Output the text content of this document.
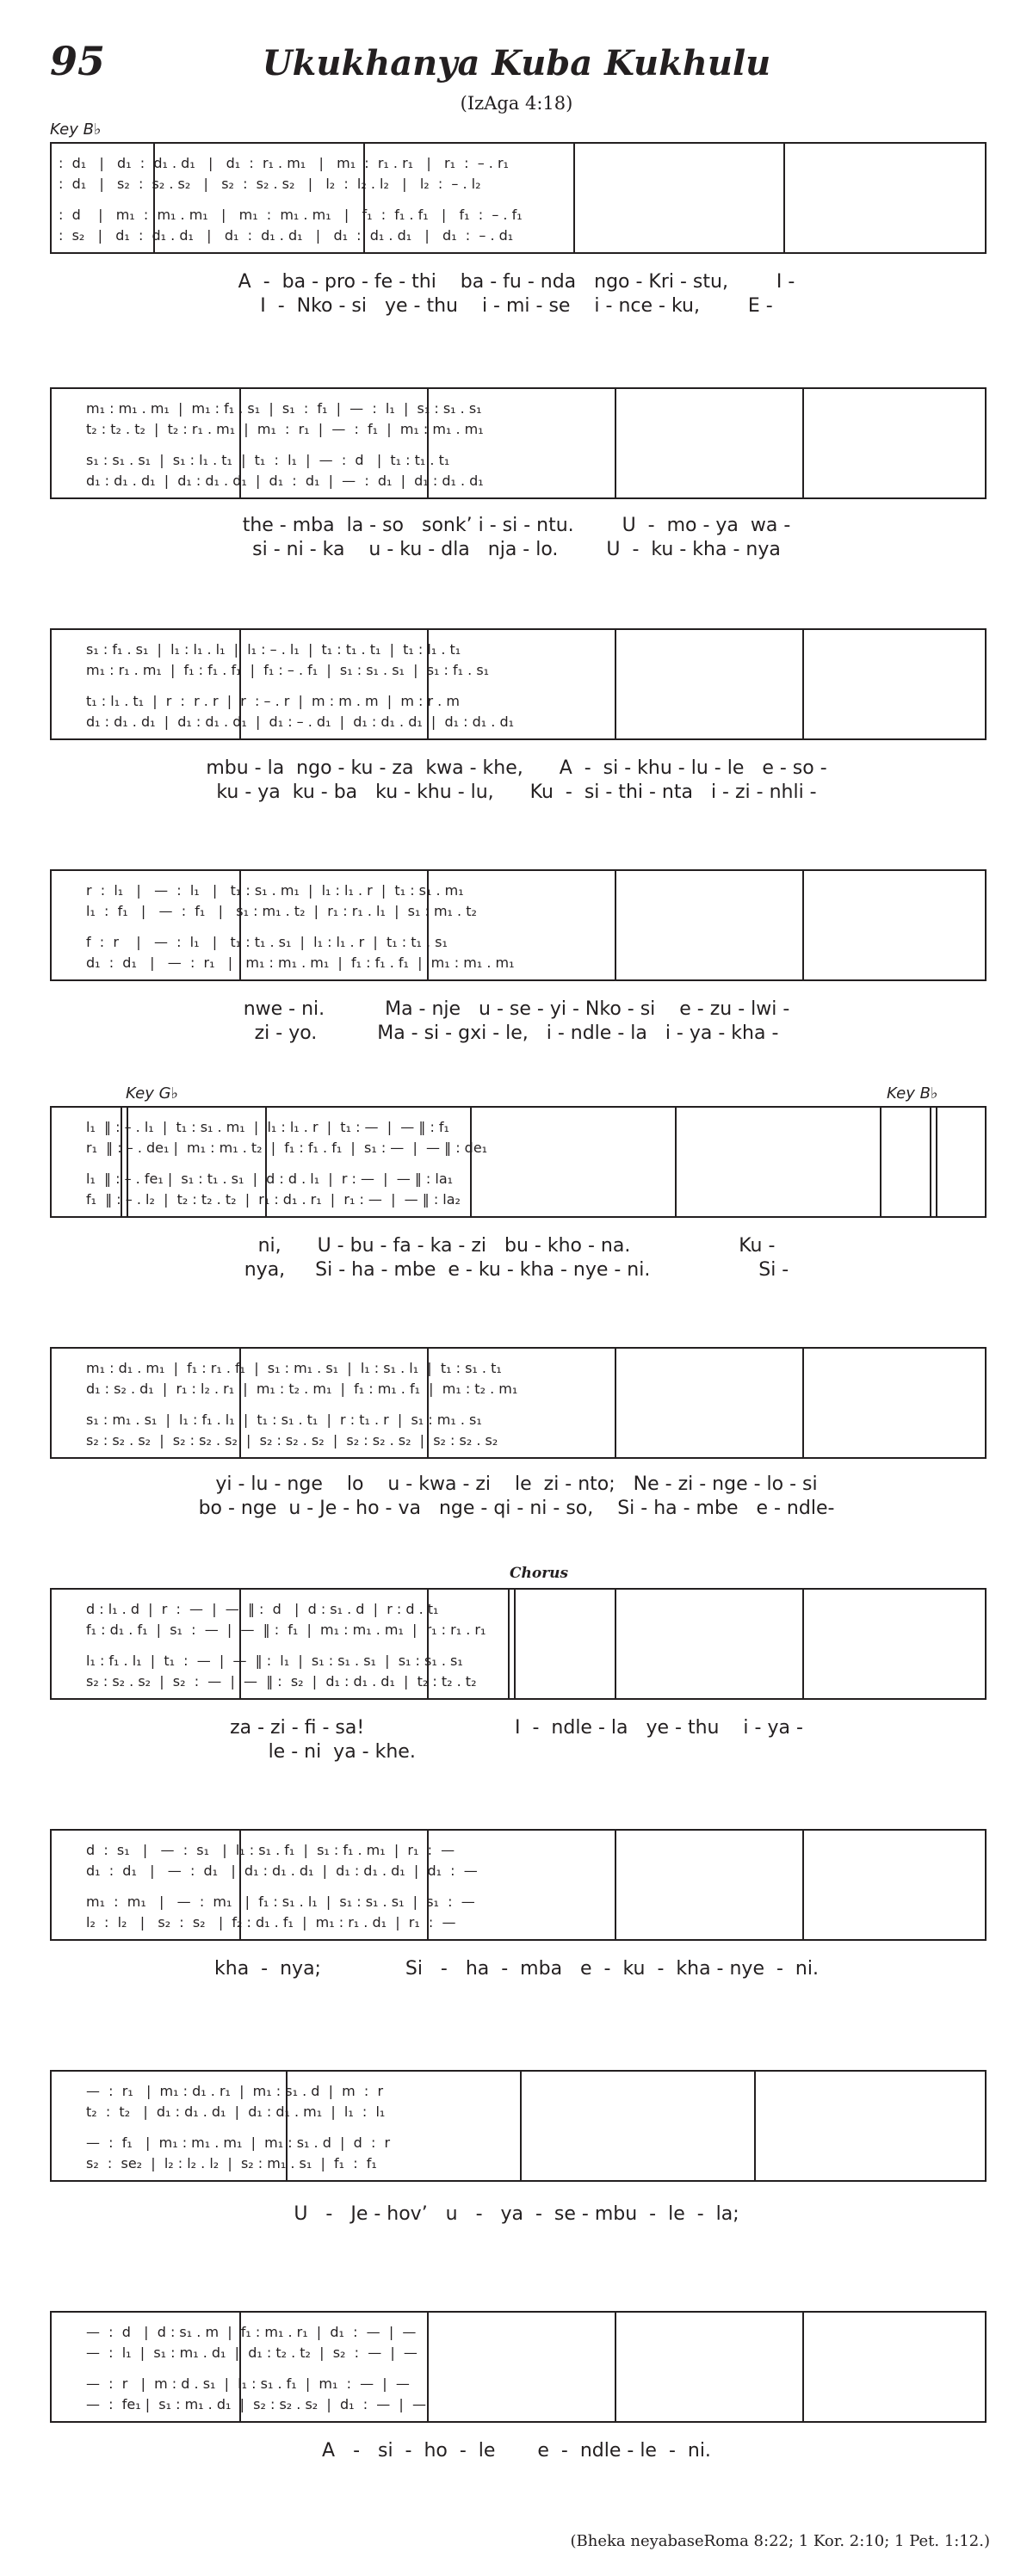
95	Ukukhanya Kuba Kukhulu
(IzAga 4:18)
Key B♭
Key G♭	Key B♭
Chorus
:  d₁   |   d₁  :  d₁ . d₁   |   d₁  :  r₁ . m₁   |   m₁  :  r₁ . r₁   |   r₁  :  – . r₁
:  d₁   |   s₂  :  s₂ . s₂   |   s₂  :  s₂ . s₂   |   l₂  :  l₂ . l₂   |   l₂  :  – . l₂
:  d    |   m₁  :  m₁ . m₁   |   m₁  :  m₁ . m₁   |   f₁  :  f₁ . f₁   |   f₁  :  – . f₁
:  s₂   |   d₁  :  d₁ . d₁   |   d₁  :  d₁ . d₁   |   d₁  :  d₁ . d₁   |   d₁  :  – . d₁
A  -  ba - pro - fe - thi    ba - fu - nda   ngo - Kri - stu,        I -
I  -  Nko - si   ye - thu    i - mi - se    i - nce - ku,        E -
m₁ : m₁ . m₁  |  m₁ : f₁ . s₁  |  s₁  :  f₁  |  —  :  l₁  |  s₁ : s₁ . s₁
t₂ : t₂ . t₂  |  t₂ : r₁ . m₁  |  m₁  :  r₁  |  —  :  f₁  |  m₁ : m₁ . m₁
s₁ : s₁ . s₁  |  s₁ : l₁ . t₁  |  t₁  :  l₁  |  —  :  d   |  t₁ : t₁ . t₁
d₁ : d₁ . d₁  |  d₁ : d₁ . d₁  |  d₁  :  d₁  |  —  :  d₁  |  d₁ : d₁ . d₁
the - mba  la - so   sonk’ i - si - ntu.        U  -  mo - ya  wa -
si - ni - ka    u - ku - dla   nja - lo.        U  -  ku - kha - nya
s₁ : f₁ . s₁  |  l₁ : l₁ . l₁  |  l₁ : – . l₁  |  t₁ : t₁ . t₁  |  t₁ : l₁ . t₁
m₁ : r₁ . m₁  |  f₁ : f₁ . f₁  |  f₁ : – . f₁  |  s₁ : s₁ . s₁  |  s₁ : f₁ . s₁
t₁ : l₁ . t₁  |  r  :  r . r  |  r  : – . r  |  m : m . m  |  m : r . m
d₁ : d₁ . d₁  |  d₁ : d₁ . d₁  |  d₁ : – . d₁  |  d₁ : d₁ . d₁  |  d₁ : d₁ . d₁
mbu - la  ngo - ku - za  kwa - khe,      A  -  si - khu - lu - le   e - so -
ku - ya  ku - ba   ku - khu - lu,      Ku  -  si - thi - nta   i - zi - nhli -
r  :  l₁   |   —  :  l₁   |   t₁ : s₁ . m₁  |  l₁ : l₁ . r  |  t₁ : s₁ . m₁
l₁  :  f₁   |   —  :  f₁   |   s₁ : m₁ . t₂  |  r₁ : r₁ . l₁  |  s₁ : m₁ . t₂
f  :  r    |   —  :  l₁   |   t₁ : t₁ . s₁  |  l₁ : l₁ . r  |  t₁ : t₁ . s₁
d₁  :  d₁   |   —  :  r₁   |   m₁ : m₁ . m₁  |  f₁ : f₁ . f₁  |  m₁ : m₁ . m₁
nwe - ni.          Ma - nje   u - se - yi - Nko - si    e - zu - lwi -
zi - yo.          Ma - si - gxi - le,   i - ndle - la   i - ya - kha -
l₁  ‖ : – . l₁  |  t₁ : s₁ . m₁  |  l₁ : l₁ . r  |  t₁ : —  |  — ‖ : f₁
r₁  ‖ : – . de₁ |  m₁ : m₁ . t₂  |  f₁ : f₁ . f₁  |  s₁ : —  |  — ‖ : de₁
l₁  ‖ : – . fe₁ |  s₁ : t₁ . s₁  |  d : d . l₁  |  r : —  |  — ‖ : la₁
f₁  ‖ : – . l₂  |  t₂ : t₂ . t₂  |  r₁ : d₁ . r₁  |  r₁ : —  |  — ‖ : la₂
ni,      U - bu - fa - ka - zi   bu - kho - na.                  Ku -
nya,     Si - ha - mbe  e - ku - kha - nye - ni.                  Si -
m₁ : d₁ . m₁  |  f₁ : r₁ . f₁  |  s₁ : m₁ . s₁  |  l₁ : s₁ . l₁  |  t₁ : s₁ . t₁
d₁ : s₂ . d₁  |  r₁ : l₂ . r₁  |  m₁ : t₂ . m₁  |  f₁ : m₁ . f₁  |  m₁ : t₂ . m₁
s₁ : m₁ . s₁  |  l₁ : f₁ . l₁  |  t₁ : s₁ . t₁  |  r : t₁ . r  |  s₁ : m₁ . s₁
s₂ : s₂ . s₂  |  s₂ : s₂ . s₂  |  s₂ : s₂ . s₂  |  s₂ : s₂ . s₂  |  s₂ : s₂ . s₂
yi - lu - nge    lo    u - kwa - zi    le  zi - nto;   Ne - zi - nge - lo - si
bo - nge  u - Je - ho - va   nge - qi - ni - so,    Si - ha - mbe   e - ndle-
d : l₁ . d  |  r  :  —  |  —  ‖ :  d   |  d : s₁ . d  |  r : d . t₁
f₁ : d₁ . f₁  |  s₁  :  —  |  —  ‖ :  f₁  |  m₁ : m₁ . m₁  |  r₁ : r₁ . r₁
l₁ : f₁ . l₁  |  t₁  :  —  |  —  ‖ :  l₁  |  s₁ : s₁ . s₁  |  s₁ : s₁ . s₁
s₂ : s₂ . s₂  |  s₂  :  —  |  —  ‖ :  s₂  |  d₁ : d₁ . d₁  |  t₂ : t₂ . t₂
za - zi - fi - sa!                         I  -  ndle - la   ye - thu    i - ya -
le - ni  ya - khe.
d  :  s₁   |   —  :  s₁   |  l₁ : s₁ . f₁  |  s₁ : f₁ . m₁  |  r₁  :  —
d₁  :  d₁   |   —  :  d₁   |  d₁ : d₁ . d₁  |  d₁ : d₁ . d₁  |  d₁  :  —
m₁  :  m₁   |   —  :  m₁   |  f₁ : s₁ . l₁  |  s₁ : s₁ . s₁  |  s₁  :  —
l₂  :  l₂   |   s₂  :  s₂   |  f₂ : d₁ . f₁  |  m₁ : r₁ . d₁  |  r₁  :  —
kha  -  nya;              Si   -   ha  -  mba   e  -  ku  -  kha - nye  -  ni.
—  :  r₁   |  m₁ : d₁ . r₁  |  m₁ : s₁ . d  |  m  :  r
t₂  :  t₂   |  d₁ : d₁ . d₁  |  d₁ : d₁ . m₁  |  l₁  :  l₁
—  :  f₁   |  m₁ : m₁ . m₁  |  m₁ : s₁ . d  |  d  :  r
s₂  :  se₂  |  l₂ : l₂ . l₂  |  s₂ : m₁ . s₁  |  f₁  :  f₁
U   -   Je - hov’   u   -   ya  -  se - mbu  -  le  -  la;
—  :  d   |  d : s₁ . m  |  f₁ : m₁ . r₁  |  d₁  :  —  |  —
—  :  l₁  |  s₁ : m₁ . d₁  |  d₁ : t₂ . t₂  |  s₂  :  —  |  —
—  :  r   |  m : d . s₁  |  l₁ : s₁ . f₁  |  m₁  :  —  |  —
—  :  fe₁ |  s₁ : m₁ . d₁  |  s₂ : s₂ . s₂  |  d₁  :  —  |  —
A   -   si  -  ho  -  le       e  -  ndle - le  -  ni.
(Bheka neyabaseRoma 8:22; 1 Kor. 2:10; 1 Pet. 1:12.)
